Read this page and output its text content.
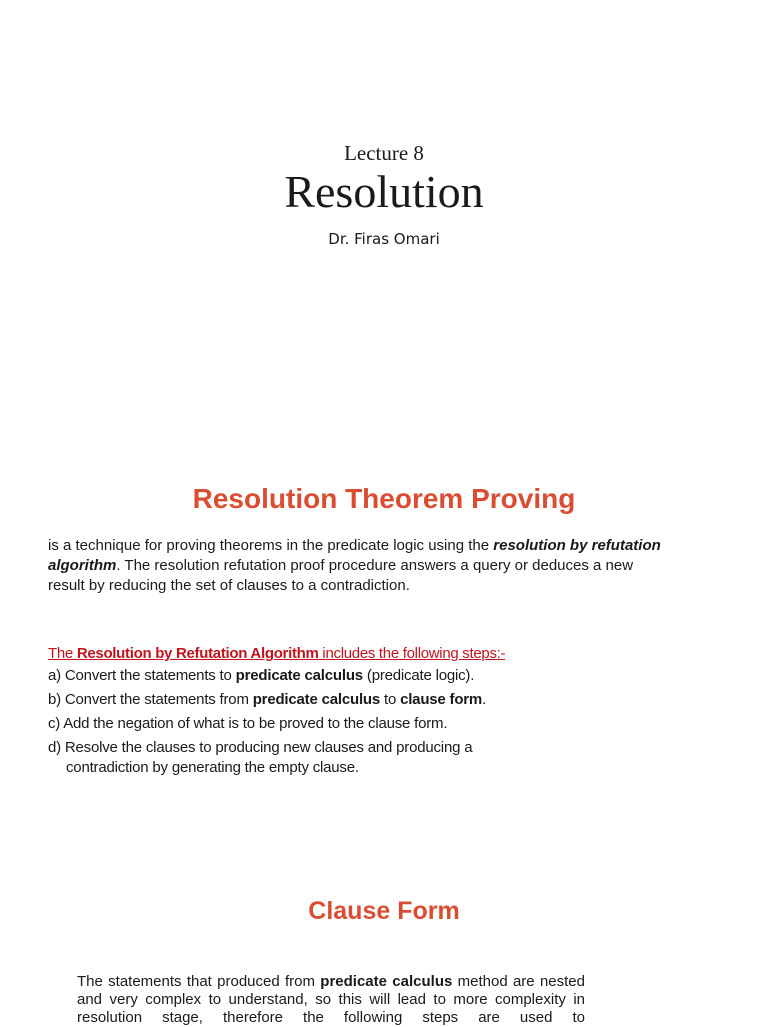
Lecture 8
Resolution
Dr. Firas Omari
Resolution Theorem Proving
is a technique for proving theorems in the predicate logic using the resolution by refutation algorithm. The resolution refutation proof procedure answers a query or deduces a new result by reducing the set of clauses to a contradiction.
The Resolution by Refutation Algorithm includes the following steps:-
a) Convert the statements to predicate calculus (predicate logic).
b) Convert the statements from predicate calculus to clause form.
c) Add the negation of what is to be proved to the clause form.
d) Resolve the clauses to producing new clauses and producing a
contradiction by generating the empty clause.
Clause Form
The statements that produced from predicate calculus method are nested and very complex to understand, so this will lead to more complexity in resolution stage, therefore the following steps are used to
